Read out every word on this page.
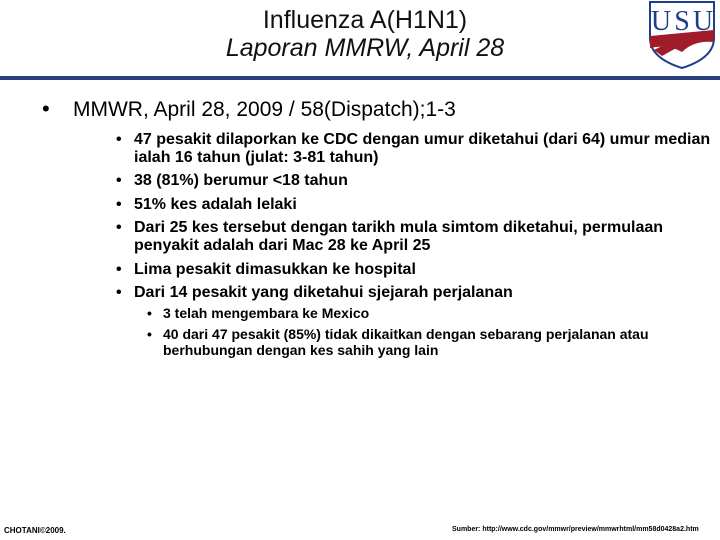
Influenza A(H1N1)
Laporan MMRW, April 28
U S U
• MMWR, April 28, 2009 / 58(Dispatch);1-3
• 47 pesakit dilaporkan ke CDC dengan umur diketahui (dari 64) umur median ialah 16 tahun (julat: 3-81 tahun)
• 38 (81%) berumur <18 tahun
• 51% kes adalah lelaki
• Dari 25 kes tersebut dengan tarikh mula simtom diketahui, permulaan penyakit adalah dari Mac 28 ke April 25
• Lima pesakit dimasukkan ke hospital
• Dari 14 pesakit yang diketahui sjejarah perjalanan
• 3 telah mengembara ke Mexico
• 40 dari 47 pesakit (85%) tidak dikaitkan dengan sebarang perjalanan atau berhubungan dengan kes sahih yang lain
CHOTANI©2009.	Sumber: http://www.cdc.gov/mmwr/preview/mmwrhtml/mm58d0428a2.htm
